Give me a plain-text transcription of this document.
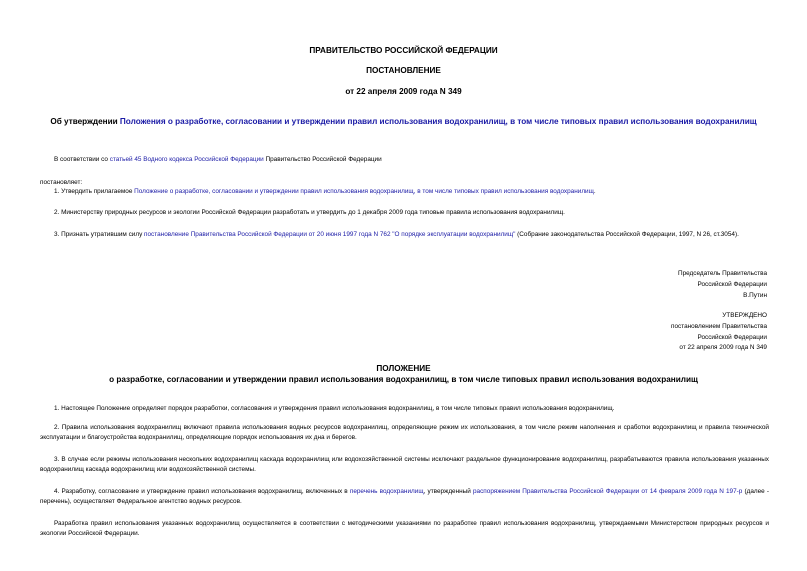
ПРАВИТЕЛЬСТВО РОССИЙСКОЙ ФЕДЕРАЦИИ
ПОСТАНОВЛЕНИЕ
от 22 апреля 2009 года N 349
Об утверждении Положения о разработке, согласовании и утверждении правил использования водохранилищ, в том числе типовых правил использования водохранилищ
В соответствии со статьей 45 Водного кодекса Российской Федерации Правительство Российской Федерации
постановляет:
1. Утвердить прилагаемое Положение о разработке, согласовании и утверждении правил использования водохранилищ, в том числе типовых правил использования водохранилищ.
2. Министерству природных ресурсов и экологии Российской Федерации разработать и утвердить до 1 декабря 2009 года типовые правила использования водохранилищ.
3. Признать утратившим силу постановление Правительства Российской Федерации от 20 июня 1997 года N 762 "О порядке эксплуатации водохранилищ" (Собрание законодательства Российской Федерации, 1997, N 26, ст.3054).
Председатель Правительства
Российской Федерации
В.Путин
УТВЕРЖДЕНО
постановлением Правительства
Российской Федерации
от 22 апреля 2009 года N 349
ПОЛОЖЕНИЕ
о разработке, согласовании и утверждении правил использования водохранилищ, в том числе типовых правил использования водохранилищ
1. Настоящее Положение определяет порядок разработки, согласования и утверждения правил использования водохранилищ, в том числе типовых правил использования водохранилищ.
2. Правила использования водохранилищ включают правила использования водных ресурсов водохранилищ, определяющие режим их использования, в том числе режим наполнения и сработки водохранилищ и правила технической эксплуатации и благоустройства водохранилищ, определяющие порядок использования их дна и берегов.
3. В случае если режимы использования нескольких водохранилищ каскада водохранилищ или водохозяйственной системы исключают раздельное функционирование водохранилищ, разрабатываются правила использования указанных водохранилищ каскада водохранилищ или водохозяйственной системы.
4. Разработку, согласование и утверждение правил использования водохранилищ, включенных в перечень водохранилищ, утвержденный распоряжением Правительства Российской Федерации от 14 февраля 2009 года N 197-р (далее - перечень), осуществляет Федеральное агентство водных ресурсов.
Разработка правил использования указанных водохранилищ осуществляется в соответствии с методическими указаниями по разработке правил использования водохранилищ, утверждаемыми Министерством природных ресурсов и экологии Российской Федерации.
